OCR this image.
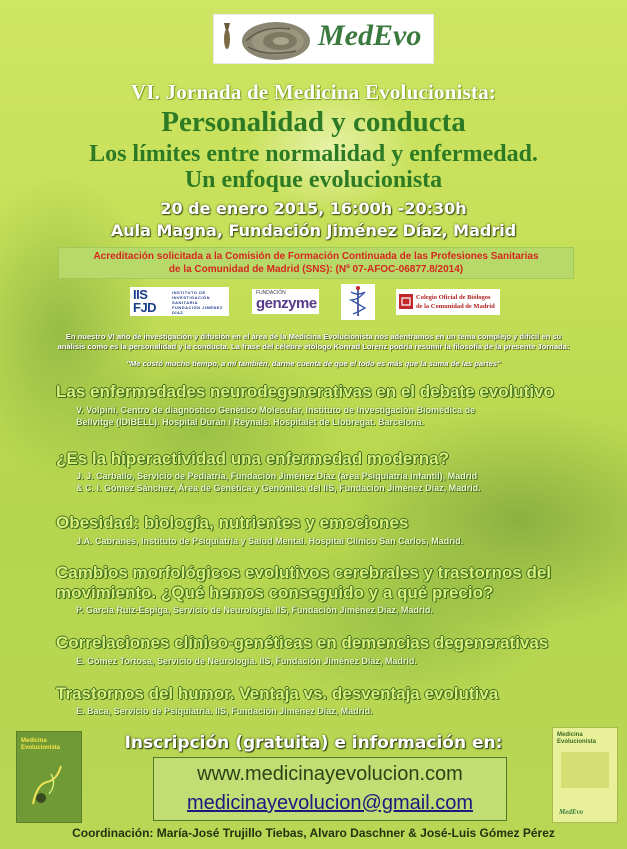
MedEvo
VI. Jornada de Medicina Evolucionista:
Personalidad y conducta
Los límites entre normalidad y enfermedad.
Un enfoque evolucionista
20 de enero 2015, 16:00h -20:30h
Aula Magna, Fundación Jiménez Díaz, Madrid
Acreditación solicitada a la Comisión de Formación Continuada de las Profesiones Sanitarias
de la Comunidad de Madrid (SNS): (Nº 07-AFOC-06877.8/2014)
IIS FJD
INSTITUTO DE
INVESTIGACIÓN
SANITARIA
FUNDACIÓN JIMÉNEZ DÍAZ
FUNDACIÓN
genzyme	Colegio Oficial de Biólogos
de la Comunidad de Madrid
En nuestro VI año de investigación y difusión en el área de la Medicina Evolucionista nos adentramos en un tema complejo y difícil en su
análisis como es la personalidad y la conducta. La frase del célebre etólogo Konrad Lorenz podría resumir la filosofía de la presente Jornada:
"Me costó mucho tiempo, a mí también, darme cuenta de que el todo es más que la suma de las partes"
Las enfermedades neurodegenerativas en el debate evolutivo
V. Volpini, Centro de diagnóstico Genético Molecular, Instituto de Investigación Biomédica de
Bellvitge (IDIBELL). Hospital Durán i Reynals. Hospitalet de Llobregat. Barcelona.
¿Es la hiperactividad una enfermedad moderna?
J. J. Carballo, Servicio de Pediatría, Fundación Jiménez Díaz (área Psiquiatría infantil), Madrid
& C. I. Gómez Sánchez, Área de Genética y Genómica del IIS, Fundación Jiménez Díaz, Madrid.
Obesidad: biología, nutrientes y emociones
J.A. Cabranes, Instituto de Psiquiatría y Salud Mental. Hospital Clínico San Carlos, Madrid.
Cambios morfológicos evolutivos cerebrales y trastornos del
movimiento. ¿Qué hemos conseguido y a qué precio?
P. García Ruiz-Espiga, Servicio de Neurología. IIS, Fundación Jiménez Díaz, Madrid.
Correlaciones clínico-genéticas en demencias degenerativas
E. Gómez Tortosa, Servicio de Neurología. IIS, Fundación Jiménez Díaz, Madrid.
Trastornos del humor. Ventaja vs. desventaja evolutiva
E. Baca, Servicio de Psiquiatría. IIS, Fundación Jiménez Díaz, Madrid.
Medicina Evolucionista
Medicina Evolucionista
MedEvo
Inscripción (gratuita) e información en:
www.medicinayevolucion.com
medicinayevolucion@gmail.com
Coordinación: María-José Trujillo Tiebas, Alvaro Daschner & José-Luis Gómez Pérez
